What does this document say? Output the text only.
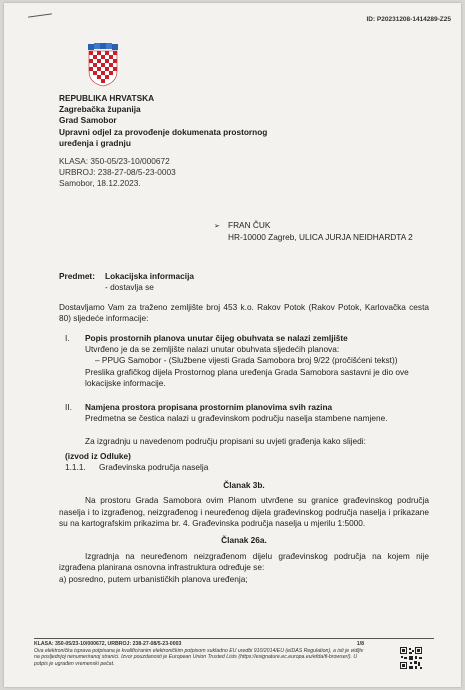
ID: P20231208-1414289-Z25
REPUBLIKA HRVATSKA
Zagrebačka županija
Grad Samobor
Upravni odjel za provođenje dokumenata prostornog
uređenja i gradnju
KLASA: 350-05/23-10/000672
URBROJ: 238-27-08/5-23-0003
Samobor, 18.12.2023.
➢ FRAN ČUK
HR-10000 Zagreb, ULICA JURJA NEIDHARDTA 2
Predmet:	Lokacijska informacija
- dostavlja se

Dostavljamo Vam za traženo zemljište broj 453 k.o. Rakov Potok (Rakov Potok, Karlovačka cesta 80) sljedeće informacije:

I.	Popis prostornih planova unutar čijeg obuhvata se nalazi zemljište
Utvrđeno je da se zemljište nalazi unutar obuhvata sljedećih planova:
– PPUG Samobor - (Službene vijesti Grada Samobora broj 9/22 (pročišćeni tekst))
Preslika grafičkog dijela Prostornog plana uređenja Grada Samobora sastavni je dio ove lokacijske informacije.
II.	Namjena prostora propisana prostornim planovima svih razina
Predmetna se čestica nalazi u građevinskom području naselja stambene namjene.
Za izgradnju u navedenom području propisani su uvjeti građenja kako slijedi:
(izvod iz Odluke)
1.1.1.	Građevinska područja naselja
Članak 3b.

Na prostoru Grada Samobora ovim Planom utvrđene su granice građevinskog područja naselja i to izgrađenog, neizgrađenog i neuređenog dijela građevinskog područja naselja i prikazane su na kartografskim prikazima br. 4. Građevinska područja naselja u mjerilu 1:5000.

Članak 26a.

Izgradnja na neuređenom neizgrađenom dijelu građevinskog područja na kojem nije izgrađena planirana osnovna infrastruktura određuje se:

a) posredno, putem urbanističkih planova uređenja;
KLASA: 350-05/23-10/000672, URBROJ: 238-27-08/5-23-0003	1/8
Ova elektronička isprava potpisana je kvalificiranim elektroničkim potpisom sukladno EU uredbi 910/2014/EU (eIDAS Regulation), a isti je vidljiv na posljednjoj nenumeriranoj stranici. Izvor pouzdanosti je European Union Trusted Lists (https://esignature.ec.europa.eu/efda/tl-browser/). U potpis je ugrađen vremenski pečat.
